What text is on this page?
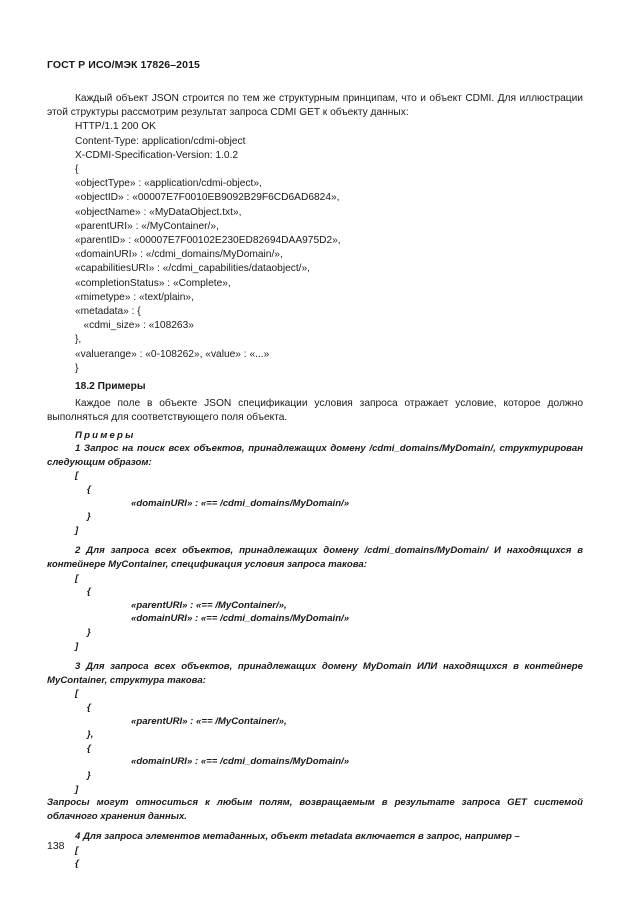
ГОСТ Р ИСО/МЭК 17826–2015

Каждый объект JSON строится по тем же структурным принципам, что и объект CDMI. Для иллюстрации этой структуры рассмотрим результат запроса CDMI GET к объекту данных:

HTTP/1.1 200 OK
Content-Type: application/cdmi-object
X-CDMI-Specification-Version: 1.0.2
{
«objectType» : «application/cdmi-object»,
«objectID» : «00007E7F0010EB9092B29F6CD6AD6824»,
«objectName» : «MyDataObject.txt»,
«parentURI» : «/MyContainer/»,
«parentID» : «00007E7F00102E230ED82694DAA975D2»,
«domainURI» : «/cdmi_domains/MyDomain/»,
«capabilitiesURI» : «/cdmi_capabilities/dataobject/»,
«completionStatus» : «Complete»,
«mimetype» : «text/plain»,
«metadata» : {
«cdmi_size» : «108263»
},
«valuerange» : «0-108262», «value» : «...»
}

18.2 Примеры

Каждое поле в объекте JSON спецификации условия запроса отражает условие, которое должно выполняться для соответствующего поля объекта.

Примеры

1 Запрос на поиск всех объектов, принадлежащих домену /cdmi_domains/MyDomain/, структурирован следующим образом:

[

{

«domainURI» : «== /cdmi_domains/MyDomain/»

}

]

2 Для запроса всех объектов, принадлежащих домену /cdmi_domains/MyDomain/ И находящихся в контейнере MyContainer, спецификация условия запроса такова:

[

{

«parentURI» : «== /MyContainer/»,

«domainURI» : «== /cdmi_domains/MyDomain/»

}

]

3 Для запроса всех объектов, принадлежащих домену MyDomain ИЛИ находящихся в контейнере MyContainer, структура такова:

[

{

«parentURI» : «== /MyContainer/»,

},

{

«domainURI» : «== /cdmi_domains/MyDomain/»

}

]

Запросы могут относиться к любым полям, возвращаемым в результате запроса GET системой облачного хранения данных.

4 Для запроса элементов метаданных, объект metadata включается в запрос, например –

[

{

138
